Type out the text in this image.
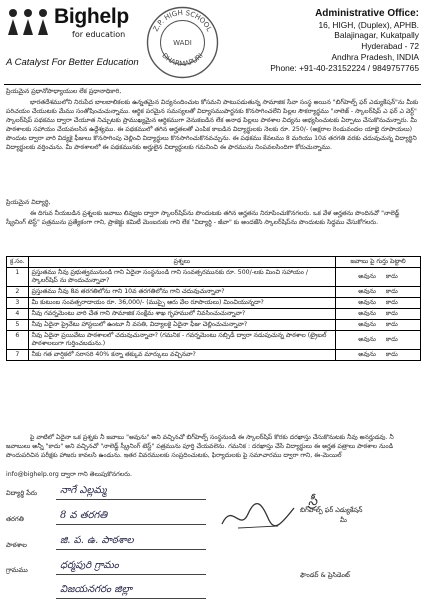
Bighelp
for education
A Catalyst For Better Education
Z.P. HIGH SCHOOL
WADI
DHARMAPURI
Administrative Office:
16, HIGH, (Duplex), APHB.
Balajinagar, Kukatpally
Hyderabad - 72
Andhra Pradesh, INDIA
Phone: +91-40-23152224 / 9849757765
ప్రియమైన ప్రధానోపాధ్యాయుల లేక ప్రధానాధికారి,
భారతదేశములోని నిరుపేద బాలబాలికలకు ఉన్నతమైన విద్యనందించుట కోసమని పాటుపడుతున్న సామాజిక సేవా సంస్థ అయిన "బిగ్‌హెల్ప్ ఫర్ ఎడ్యుకేషన్"ను మీకు పరిచయం చేయుటకు మేము సంతోషించుచున్నాము. ఆర్థిక పరమైన సమస్యలతో విద్యాసముపార్జనకు కొనసాగించలేని పిల్లల సౌకర్యార్థము "నాలెజ్ - స్కాలర్‌షిప్ ఎ ఫర్ ఎ వెర్ట్" స్కాలర్‌షిప్ పథకము ద్వారా చేయూత నిచ్చుటకు ప్రాముఖ్యమైన ఆర్థికముగా వెనుకబడిన లేక అనాథ పిల్లలు పాఠశాల విద్యను అభ్యసించుటకు ఏర్పాటు చేసుకొనుచున్నారు. మీ పాఠశాలకు సహాయం చేయవలసిన ఉద్దేశ్యము. ఈ పథకములో తగిన అర్హతలతో ఎంపిక కాబడిన విద్యార్థులకు నెలకు రూ. 250/- (అక్షరాల రెండువందల యాభై రూపాయలు) పొందుట ద్వారా వారి విద్యకై ఫీజులు కొనసాగింపు చెల్లించి విద్యార్థులు కొనసాగించుకొనవచ్చును. ఈ పథకము కేవలము 8 మరియు 10వ తరగతి వరకు చదువుచున్న విద్యార్థిని విద్యార్థులకు వర్తించును. మీ పాఠశాలలో ఈ పథకమునకు అర్హులైన విద్యార్థులకు గమనించి ఈ ఫారమును నింపవలసిందిగా కోరుచున్నాము.
ప్రియమైన విద్యార్థి,
ఈ దిగువ నీయబడిన ప్రశ్నలకు జవాబు లివ్వుట ద్వారా స్కాలర్‌షిప్‌ను పొందుటకు తగిన అర్హతను నిరూపించుకొనగలరు. ఒక వేళ అర్హతను పొందినచో "నాలెడ్జ్ స్క్రీనింగ్ టెస్ట్" పత్రమును ప్రత్యేకంగా గాని, ప్రాజెక్టు కమిటీ మెంబరుకు గాని లేక "విద్యార్థి - జీవా" కు అందజేసి స్కాలర్‌షిప్‌ను పొందుటకు సిద్ధము చేసుకోగలరు.
క్ర.సం.	ప్రశ్నలు	జవాబు పై గుర్తు పెట్టాలి
1	ప్రస్తుతము నీవు ప్రభుత్వమునుండి గాని ఏదైనా సంస్థనుండి గాని సంవత్సరమునకు రూ. 500/-లకు మించి సహాయం / స్కాలర్‌షిప్ ను పొందుచున్నావా?	అవును కాదు
2	ప్రస్తుతము నీవు 8వ తరగతిలోను గాని 10వ తరగతిలోను గాని చదువుచున్నావా?	అవును కాదు
3	మీ కుటుంబ సంవత్సరాదాయం రూ. 36,000/- (ముప్పై ఆరు వేల రూపాయలు) మించియున్నదా?	అవును కాదు
4	నీవు గవర్నమెంటు వారి చేత గాని సామాజిక సంక్షేమ శాఖ గృహములో నివసించుచున్నావా?	అవును కాదు
5	నీవు ఏదైనా ప్రైవేటు హాస్టలులో ఉంటూ నీ వసతి, విద్యాలకై ఏదైనా ఫీజు చెల్లించుచున్నావా?	అవును కాదు
6	నీవు ఏదైనా ప్రయివేటు పాఠశాలలో చదువుచున్నావా? (గమనిక - గవర్నమెంటు సబ్సిడీ ద్వారా నడుపుచున్న పాఠశాల (ట్రైబల్ పాఠశాలలుగా గుర్తించబడును.)	అవును కాదు
7	నీకు గత వార్షికలో సరాసరి 40% కన్నా తక్కువ మార్కులు వచ్చినవా?	అవును కాదు
పై వాటిలో ఏదైనా ఒక ప్రశ్నకు నీ జవాబు "అవును" అని వచ్చినచో బిగ్‌హెల్ప్ సంస్థనుండి ఈ స్కాలర్‌షిప్ కొరకు దరఖాస్తు చేసుకొనుటకు నీవు అనర్హుడవు. నీ జవాబులు అన్నీ "కాదు" అని వచ్చినచో "నాలెడ్జ్ స్క్రీనింగ్ టెస్ట్" పత్రమును పూర్తి చేయవలెను. గమనిక : దరఖాస్తు చేసే విద్యార్థులు ఈ అర్హత పత్రాలు పాఠశాల నుండి పొందుపరిచిన పరీక్షకు హాజరు కావలసి ఉండును. ఇతర వివరములకు సంప్రదించుటకు, ఫిర్యాదులకు పై సమాచారము ద్వారా గాని, ఈ-మెయిల్
info@bighelp.org ద్వారా గాని తెలుపుకొనగలరు.
విద్యార్థి పేరు నాగే ఎల్లమ్మ
తరగతి	8 వ తరగతి
పాఠశాల	జి. ప. ఉ. పాఠశాల
గ్రామము	ధర్మపురి గ్రామం
విజయనగరం జిల్లా
స్రీ
బిగ్‌హెల్ప్ ఫర్ ఎడ్యుకేషన్
మీ
ఫౌండర్ & ప్రెసిడెంట్
